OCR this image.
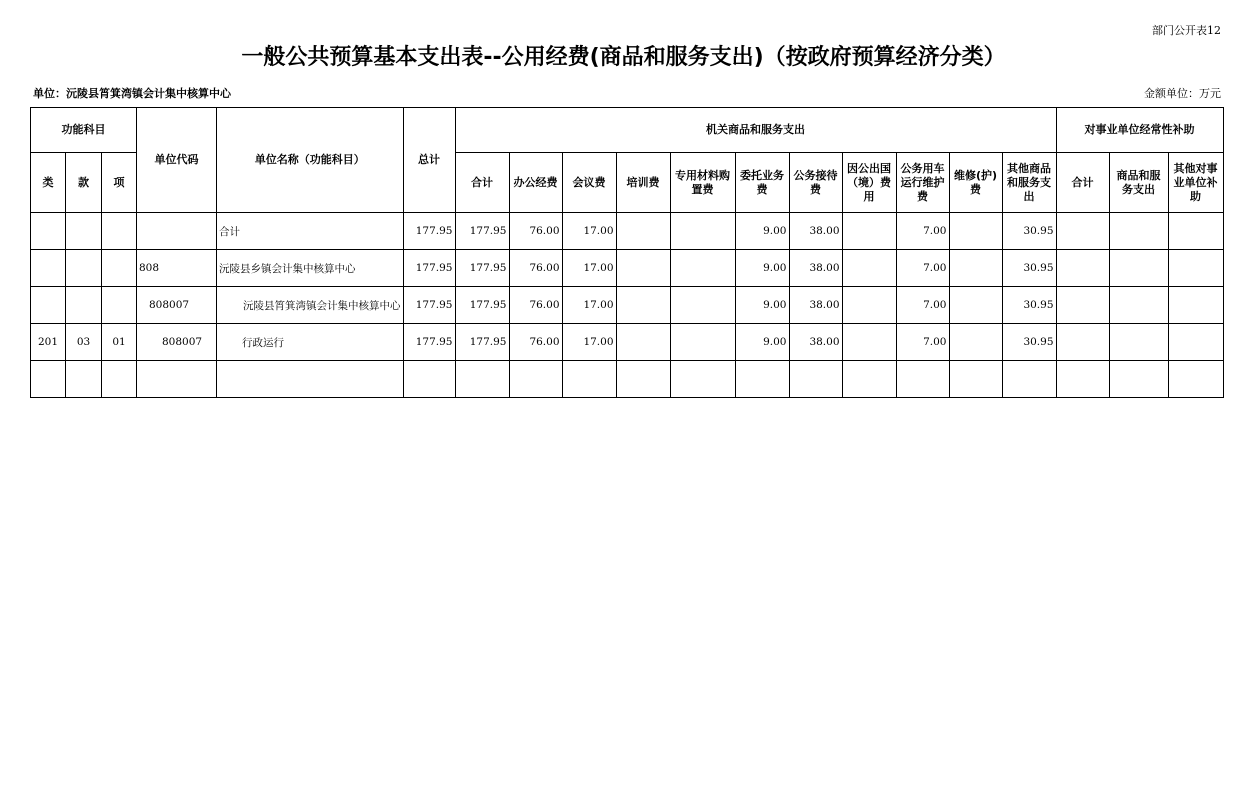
部门公开表12
一般公共预算基本支出表--公用经费(商品和服务支出)（按政府预算经济分类）
单位：沅陵县筲箕湾镇会计集中核算中心	金额单位：万元
功能科目			单位代码	单位名称（功能科目）	总计	机关商品和服务支出											对事业单位经常性补助		
类	款	项				合计	办公经费	会议费	培训费	专用材料购置费	委托业务费	公务接待费	因公出国（境）费用	公务用车运行维护费	维修(护)费	其他商品和服务支出	合计	商品和服务支出	其他对事业单位补助
				合计	177.95	177.95	76.00	17.00			9.00	38.00		7.00		30.95			
			808	沅陵县乡镇会计集中核算中心	177.95	177.95	76.00	17.00			9.00	38.00		7.00		30.95			
			808007	沅陵县筲箕湾镇会计集中核算中心	177.95	177.95	76.00	17.00			9.00	38.00		7.00		30.95			
201	03	01	808007	行政运行	177.95	177.95	76.00	17.00			9.00	38.00		7.00		30.95			
